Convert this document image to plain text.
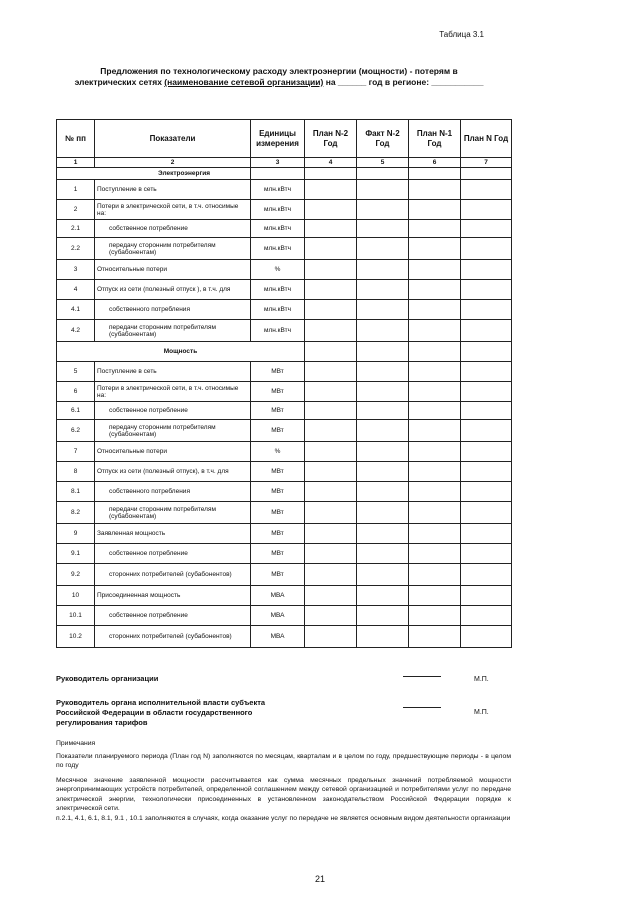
Таблица 3.1
Предложения по технологическому расходу электроэнергии (мощности) - потерям в
электрических сетях (наименование сетевой организации) на ______ год в регионе: ___________
№ пп	Показатели	Единицы измерения	План N-2 Год	Факт N-2 Год	План N-1 Год	План N Год
1	2	3	4	5	6	7
Электроэнергия						
1	Поступление в сеть	млн.кВтч				
2	Потери в электрической сети, в т.ч. относимые на:	млн.кВтч				
2.1	собственное потребление	млн.кВтч				
2.2	передачу сторонним потребителям (субабонентам)	млн.кВтч				
3	Относительные потери	%				
4	Отпуск из сети (полезный отпуск ), в т.ч. для	млн.кВтч				
4.1	собственного потребления	млн.кВтч				
4.2	передачи сторонним потребителям (субабонентам)	млн.кВтч				
Мощность						
5	Поступление в сеть	МВт				
6	Потери в электрической сети, в т.ч. относимые на:	МВт				
6.1	собственное потребление	МВт				
6.2	передачу сторонним потребителям (субабонентам)	МВт				
7	Относительные потери	%				
8	Отпуск из сети (полезный отпуск), в т.ч. для	МВт				
8.1	собственного потребления	МВт				
8.2	передачи сторонним потребителям (субабонентам)	МВт				
9	Заявленная мощность	МВт				
9.1	собственное потребление	МВт				
9.2	сторонних потребителей (субабонентов)	МВт				
10	Присоединенная мощность	МВА				
10.1	собственное потребление	МВА				
10.2	сторонних потребителей (субабонентов)	МВА				
Руководитель организации	М.П.
Руководитель органа исполнительной власти субъекта
Российской Федерации в области государственного
регулирования тарифов
М.П.

Примечания

Показатели планируемого периода (План год N) заполняются по месяцам, кварталам и в целом по году, предшествующие периоды - в целом по году

Месячное значение заявленной мощности рассчитывается как сумма месячных предельных значений потребляемой мощности энергопринимающих устройств потребителей, определенной соглашением между сетевой организацией и потребителями услуг по передаче электрической энергии, технологически присоединенных в установленном законодательством Российской Федерации порядке к электрической сети.

п.2.1, 4.1, 6.1, 8.1, 9.1 , 10.1 заполняются в случаях, когда оказание услуг по передаче не является основным видом деятельности организации

21
